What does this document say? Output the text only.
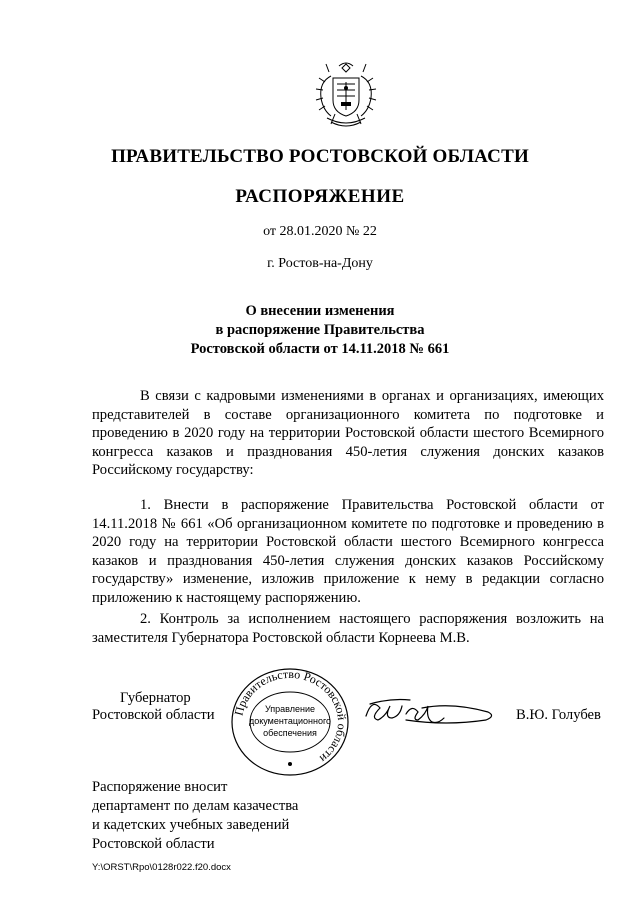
ПРАВИТЕЛЬСТВО РОСТОВСКОЙ ОБЛАСТИ
РАСПОРЯЖЕНИЕ
от 28.01.2020 № 22
г. Ростов-на-Дону
О внесении изменения
в распоряжение Правительства
Ростовской области от 14.11.2018 № 661
В связи с кадровыми изменениями в органах и организациях, имеющих представителей в составе организационного комитета по подготовке и проведению в 2020 году на территории Ростовской области шестого Всемирного конгресса казаков и празднования 450-летия служения донских казаков Российскому государству:
1. Внести в распоряжение Правительства Ростовской области от 14.11.2018 № 661 «Об организационном комитете по подготовке и проведению в 2020 году на территории Ростовской области шестого Всемирного конгресса казаков и празднования 450-летия служения донских казаков Российскому государству» изменение, изложив приложение к нему в редакции согласно приложению к настоящему распоряжению.
2. Контроль за исполнением настоящего распоряжения возложить на заместителя Губернатора Ростовской области Корнеева М.В.
Губернатор
Ростовской области Правительство Ростовской области
Управление
документационного
обеспечения
В.Ю. Голубев
Распоряжение вносит
департамент по делам казачества
и кадетских учебных заведений
Ростовской области
Y:\ORST\Rpo\0128r022.f20.docx
